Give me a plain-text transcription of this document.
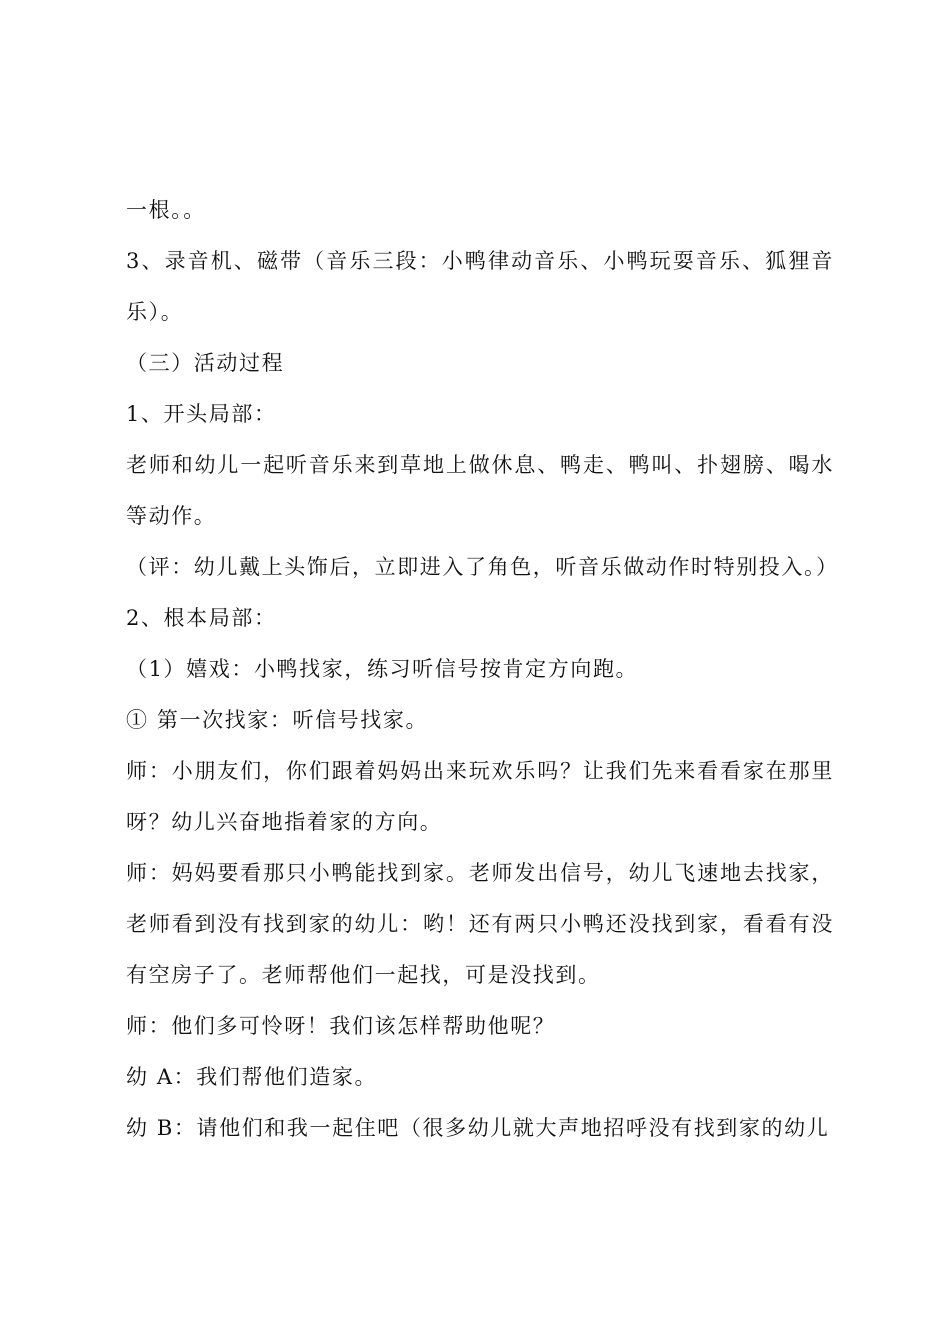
一根。。

3、录音机、磁带（音乐三段：小鸭律动音乐、小鸭玩耍音乐、狐狸音乐）。

（三）活动过程

1、开头局部：

老师和幼儿一起听音乐来到草地上做休息、鸭走、鸭叫、扑翅膀、喝水等动作。

（评：幼儿戴上头饰后，立即进入了角色，听音乐做动作时特别投入。）

2、根本局部：

（1）嬉戏：小鸭找家，练习听信号按肯定方向跑。

① 第一次找家：听信号找家。

师：小朋友们，你们跟着妈妈出来玩欢乐吗？让我们先来看看家在那里呀？幼儿兴奋地指着家的方向。

师：妈妈要看那只小鸭能找到家。老师发出信号，幼儿飞速地去找家，老师看到没有找到家的幼儿：哟！还有两只小鸭还没找到家，看看有没有空房子了。老师帮他们一起找，可是没找到。

师：他们多可怜呀！我们该怎样帮助他呢？

幼 A：我们帮他们造家。

幼 B：请他们和我一起住吧（很多幼儿就大声地招呼没有找到家的幼儿
